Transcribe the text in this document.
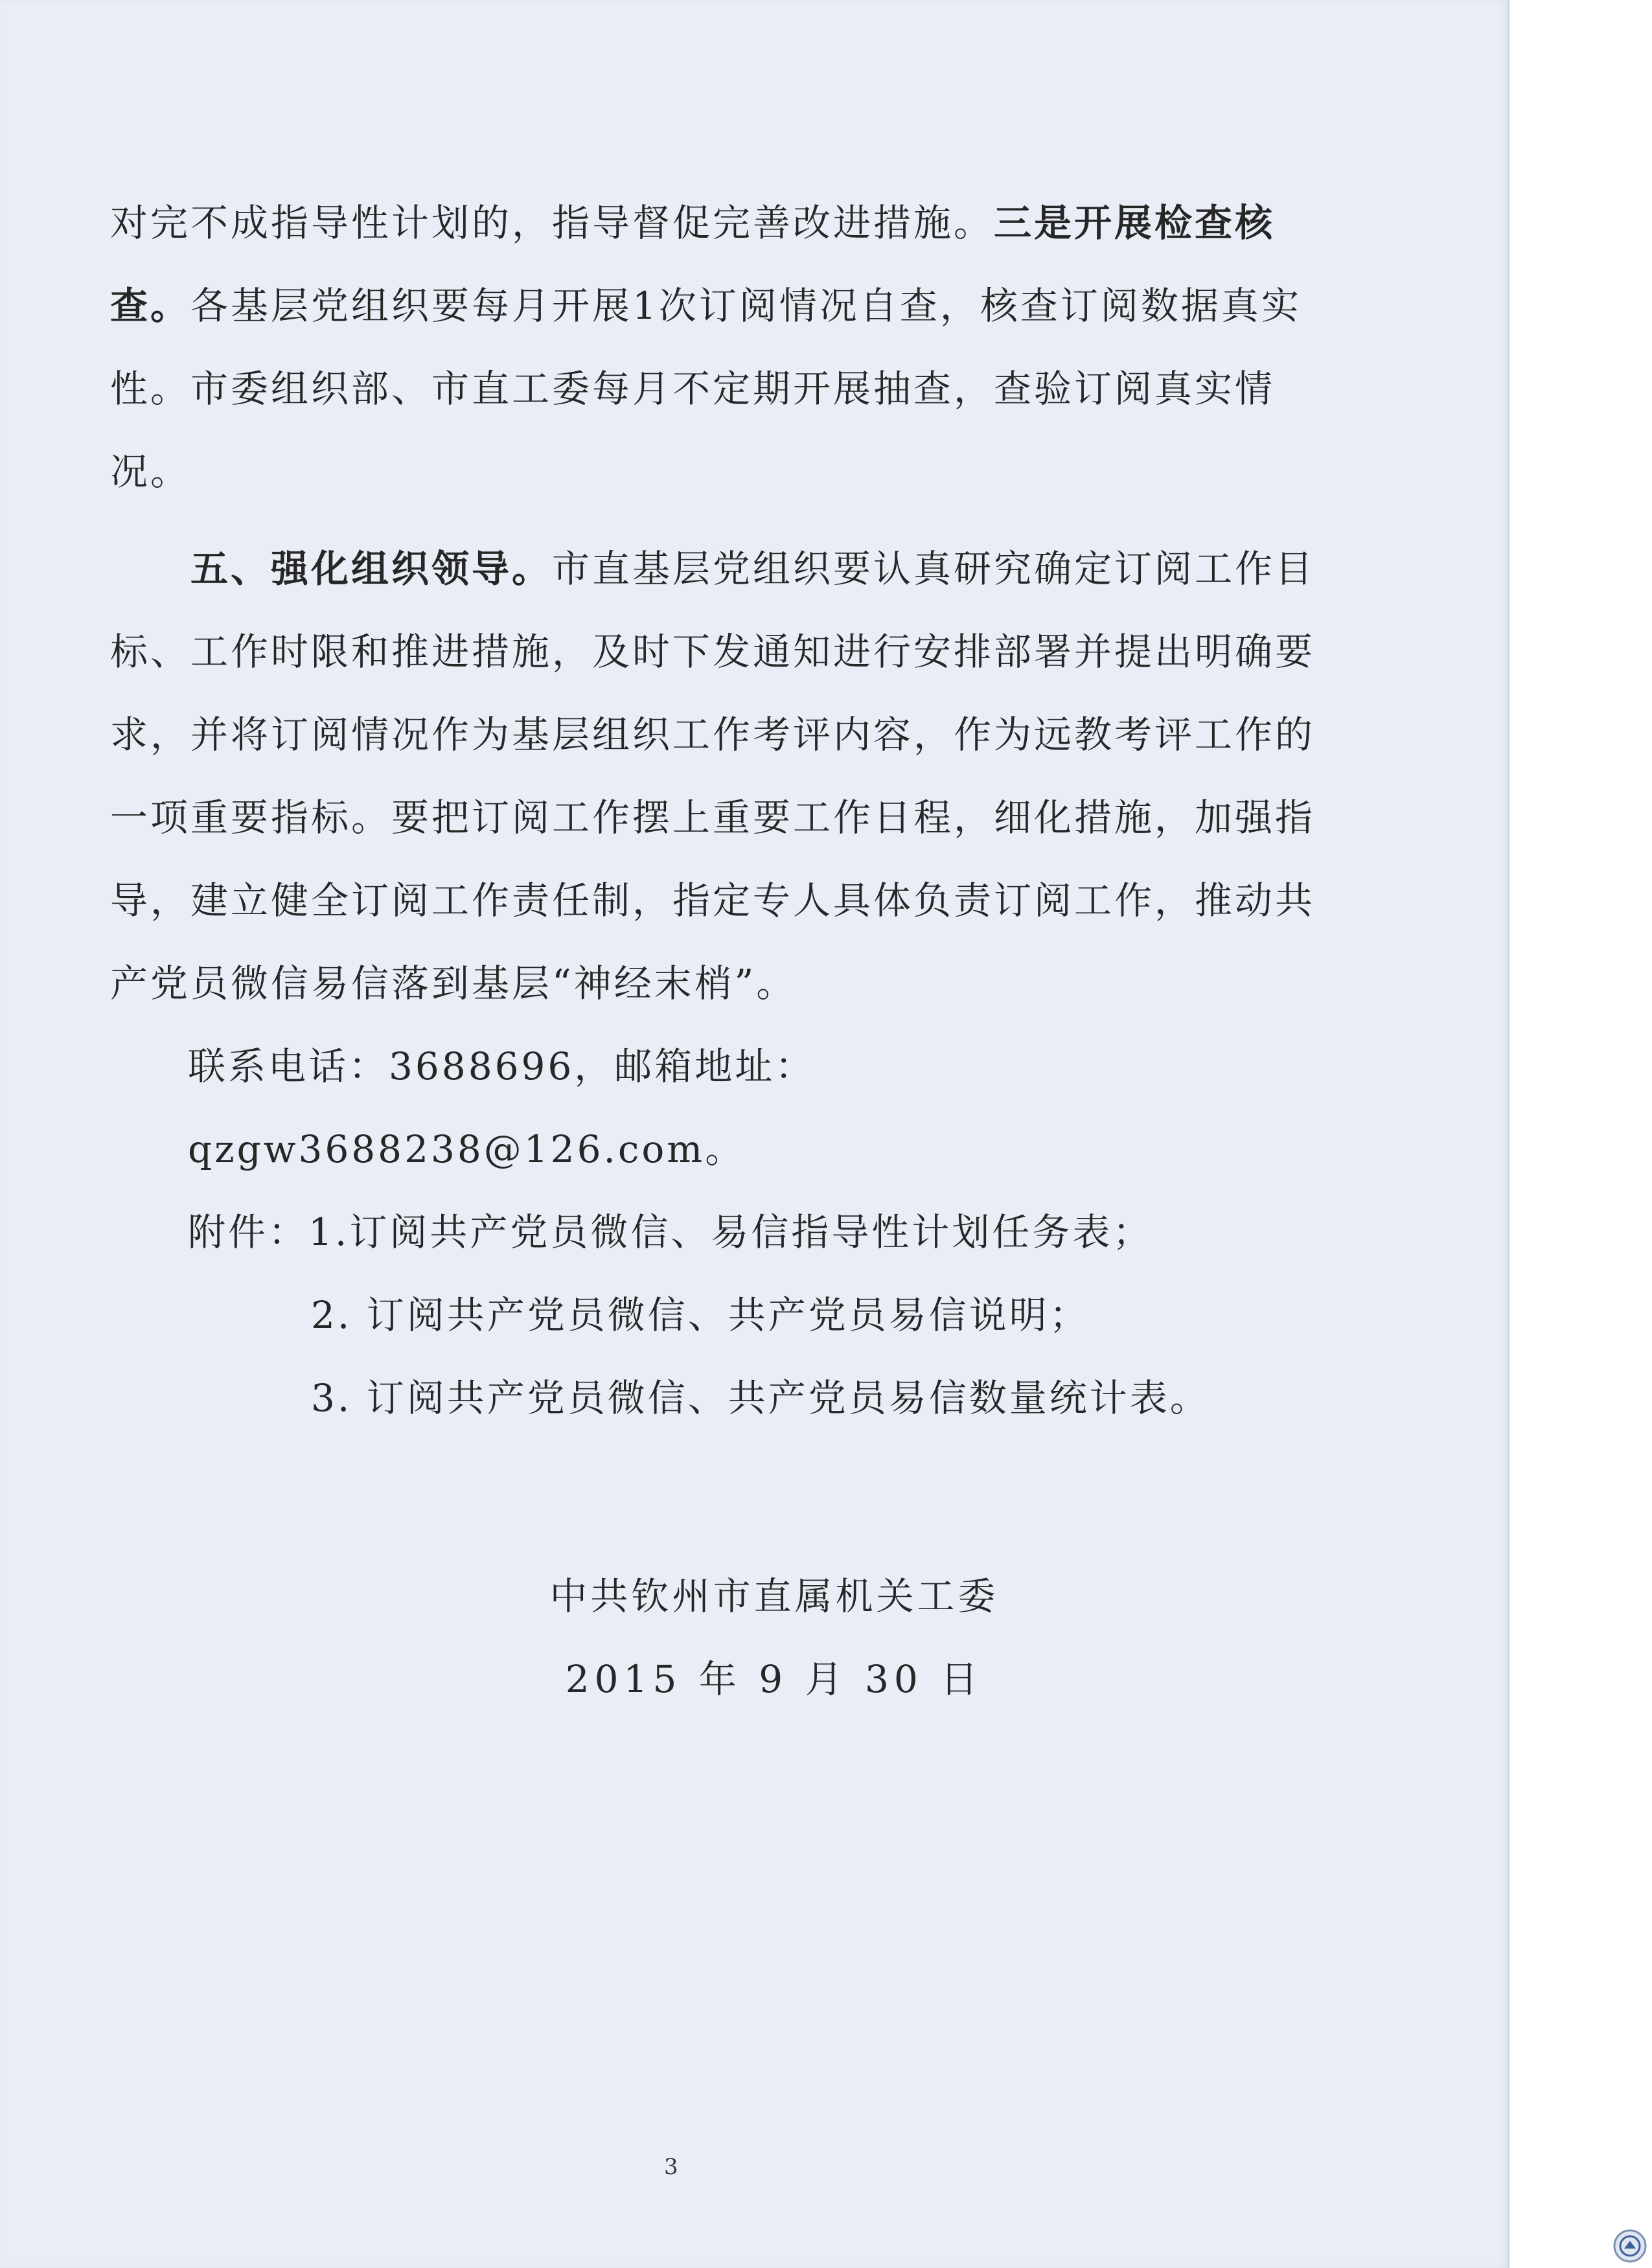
对完不成指导性计划的，指导督促完善改进措施。三是开展检查核查。各基层党组织要每月开展1次订阅情况自查，核查订阅数据真实性。市委组织部、市直工委每月不定期开展抽查，查验订阅真实情况。

五、强化组织领导。市直基层党组织要认真研究确定订阅工作目标、工作时限和推进措施，及时下发通知进行安排部署并提出明确要求，并将订阅情况作为基层组织工作考评内容，作为远教考评工作的一项重要指标。要把订阅工作摆上重要工作日程，细化措施，加强指导，建立健全订阅工作责任制，指定专人具体负责订阅工作，推动共产党员微信易信落到基层“神经末梢”。

联系电话：3688696，邮箱地址：qzgw3688238@126.com。

附件：1.订阅共产党员微信、易信指导性计划任务表；

2. 订阅共产党员微信、共产党员易信说明；

3. 订阅共产党员微信、共产党员易信数量统计表。

中共钦州市直属机关工委

2015 年 9 月 30 日

3
